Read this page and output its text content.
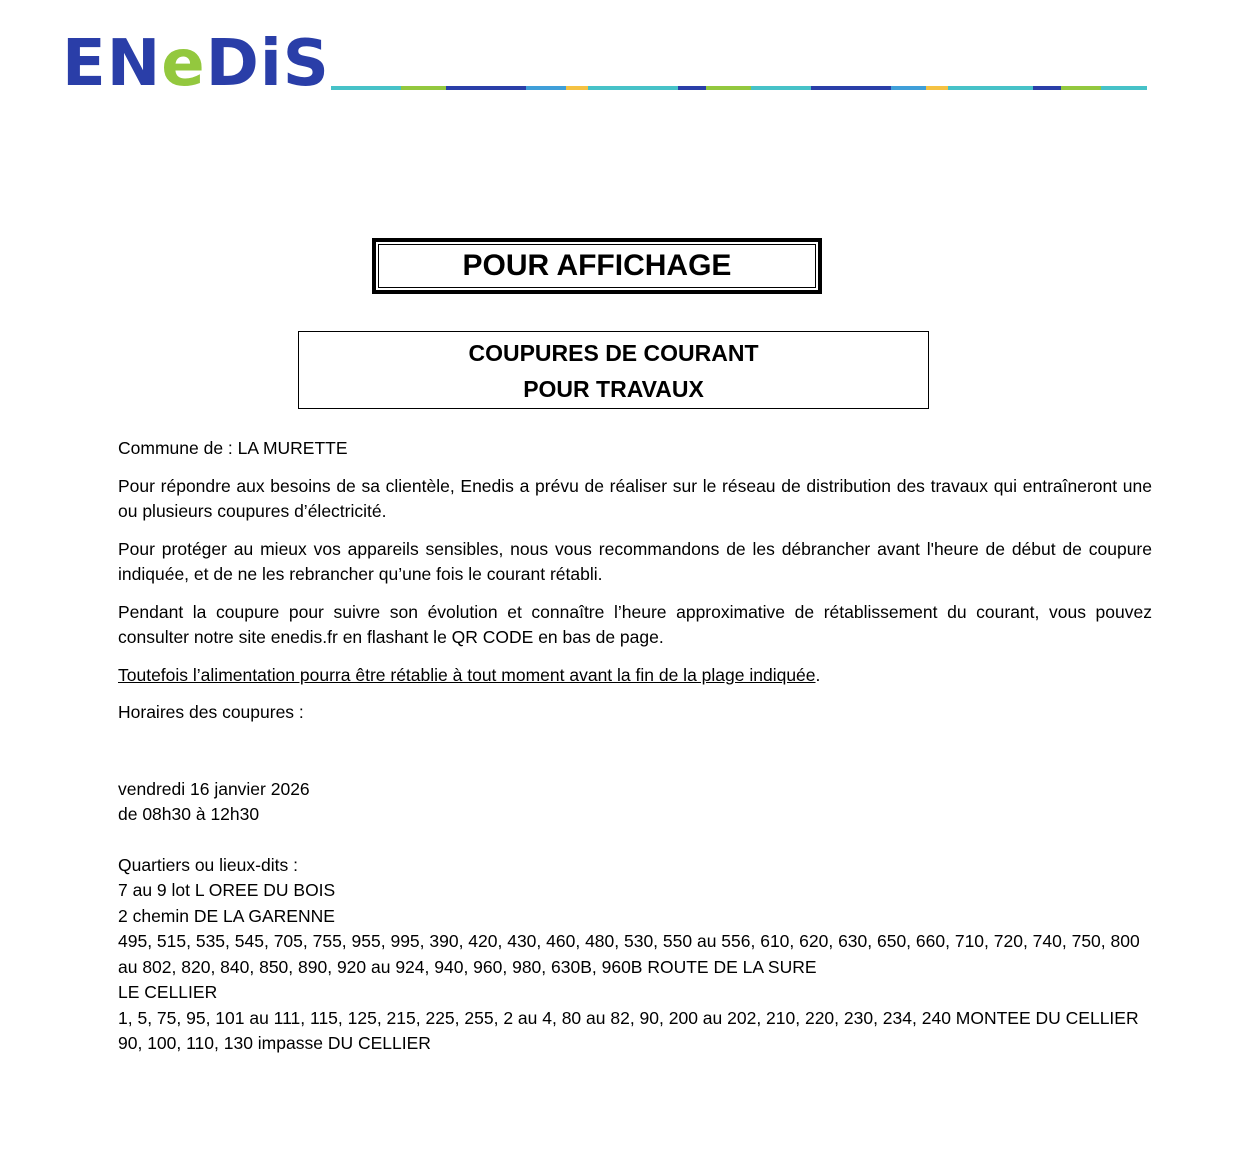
ENeDiS
POUR AFFICHAGE
COUPURES DE COURANT
POUR TRAVAUX

Commune de : LA MURETTE

Pour répondre aux besoins de sa clientèle, Enedis a prévu de réaliser sur le réseau de distribution des travaux qui entraîneront une ou plusieurs coupures d’électricité.

Pour protéger au mieux vos appareils sensibles, nous vous recommandons de les débrancher avant l'heure de début de coupure indiquée, et de ne les rebrancher qu’une fois le courant rétabli.

Pendant la coupure pour suivre son évolution et connaître l’heure approximative de rétablissement du courant, vous pouvez consulter notre site enedis.fr en flashant le QR CODE en bas de page.

Toutefois l’alimentation pourra être rétablie à tout moment avant la fin de la plage indiquée.

Horaires des coupures :
vendredi 16 janvier 2026
de 08h30 à 12h30
Quartiers ou lieux-dits :
7 au 9 lot L OREE DU BOIS
2 chemin DE LA GARENNE
495, 515, 535, 545, 705, 755, 955, 995, 390, 420, 430, 460, 480, 530, 550 au 556, 610, 620, 630, 650, 660, 710, 720, 740, 750, 800 au 802, 820, 840, 850, 890, 920 au 924, 940, 960, 980, 630B, 960B ROUTE DE LA SURE
LE CELLIER
1, 5, 75, 95, 101 au 111, 115, 125, 215, 225, 255, 2 au 4, 80 au 82, 90, 200 au 202, 210, 220, 230, 234, 240 MONTEE DU CELLIER
90, 100, 110, 130 impasse DU CELLIER
